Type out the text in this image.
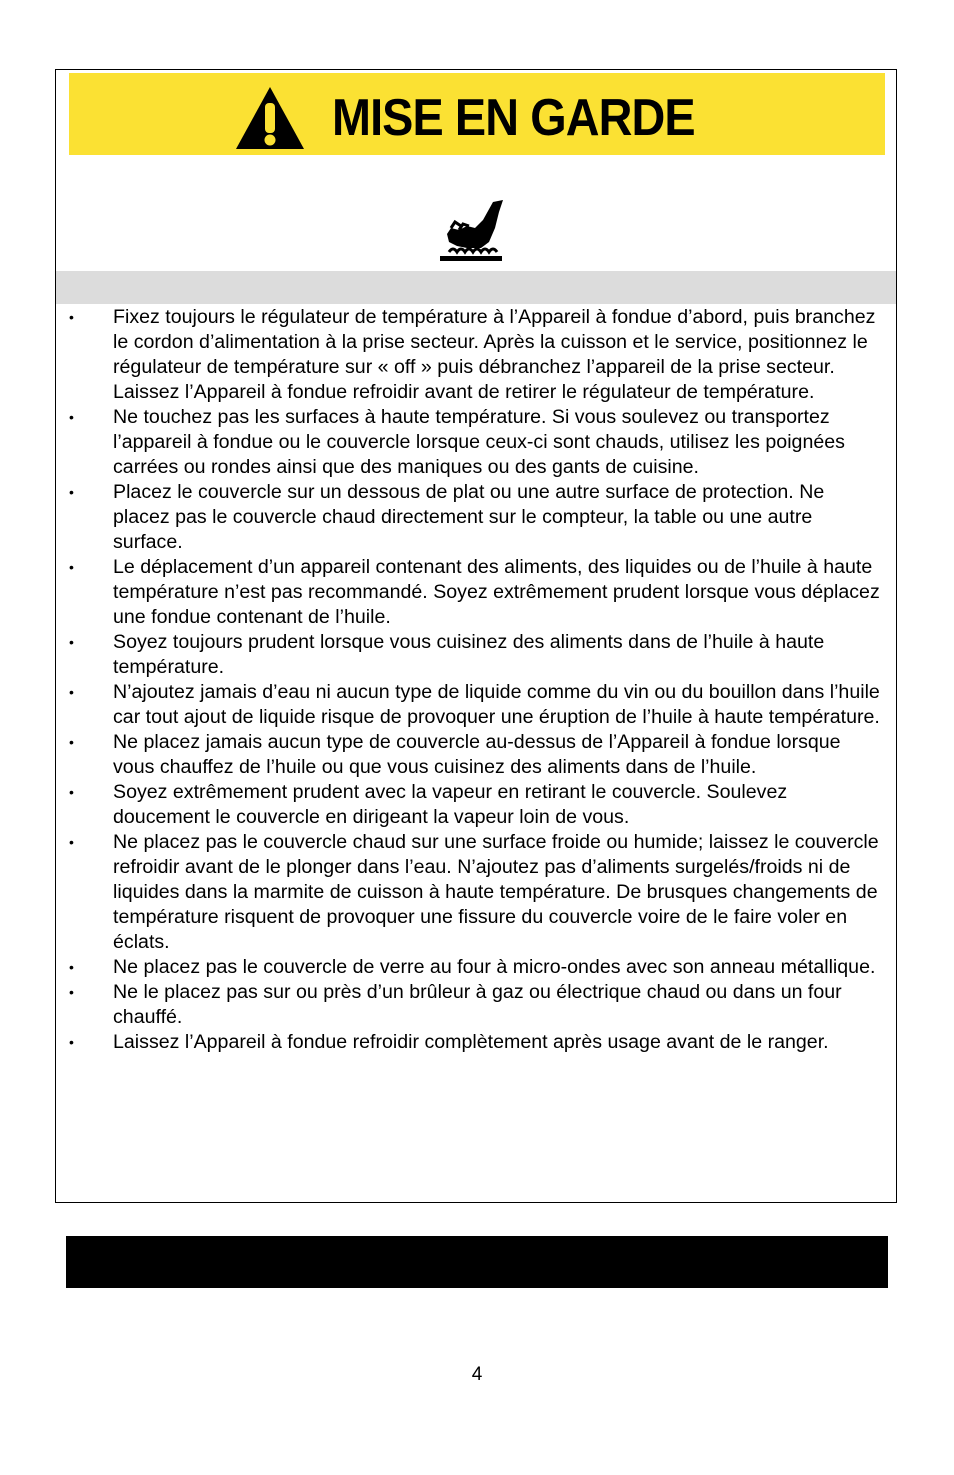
MISE EN GARDE
• Fixez toujours le régulateur de température à l’Appareil à fondue d’abord, puis branchez le cordon d’alimentation à la prise secteur. Après la cuisson et le service, positionnez le régulateur de température sur « off » puis débranchez l’appareil de la prise secteur. Laissez l’Appareil à fondue refroidir avant de retirer le régulateur de température.
• Ne touchez pas les surfaces à haute température. Si vous soulevez ou transportez l’appareil à fondue ou le couvercle lorsque ceux-ci sont chauds, utilisez les poignées carrées ou rondes ainsi que des maniques ou des gants de cuisine.
• Placez le couvercle sur un dessous de plat ou une autre surface de protection. Ne placez pas le couvercle chaud directement sur le compteur, la table ou une autre surface.
• Le déplacement d’un appareil contenant des aliments, des liquides ou de l’huile à haute température n’est pas recommandé. Soyez extrêmement prudent lorsque vous déplacez une fondue contenant de l’huile.
• Soyez toujours prudent lorsque vous cuisinez des aliments dans de l’huile à haute température.
• N’ajoutez jamais d’eau ni aucun type de liquide comme du vin ou du bouillon dans l’huile car tout ajout de liquide risque de provoquer une éruption de l’huile à haute température.
• Ne placez jamais aucun type de couvercle au-dessus de l’Appareil à fondue lorsque vous chauffez de l’huile ou que vous cuisinez des aliments dans de l’huile.
• Soyez extrêmement prudent avec la vapeur en retirant le couvercle. Soulevez doucement le couvercle en dirigeant la vapeur loin de vous.
• Ne placez pas le couvercle chaud sur une surface froide ou humide; laissez le couvercle refroidir avant de le plonger dans l’eau. N’ajoutez pas d’aliments surgelés/froids ni de liquides dans la marmite de cuisson à haute température. De brusques changements de température risquent de provoquer une fissure du couvercle voire de le faire voler en éclats.
• Ne placez pas le couvercle de verre au four à micro-ondes avec son anneau métallique.
• Ne le placez pas sur ou près d’un brûleur à gaz ou électrique chaud ou dans un four chauffé.
• Laissez l’Appareil à fondue refroidir complètement après usage avant de le ranger.
4
